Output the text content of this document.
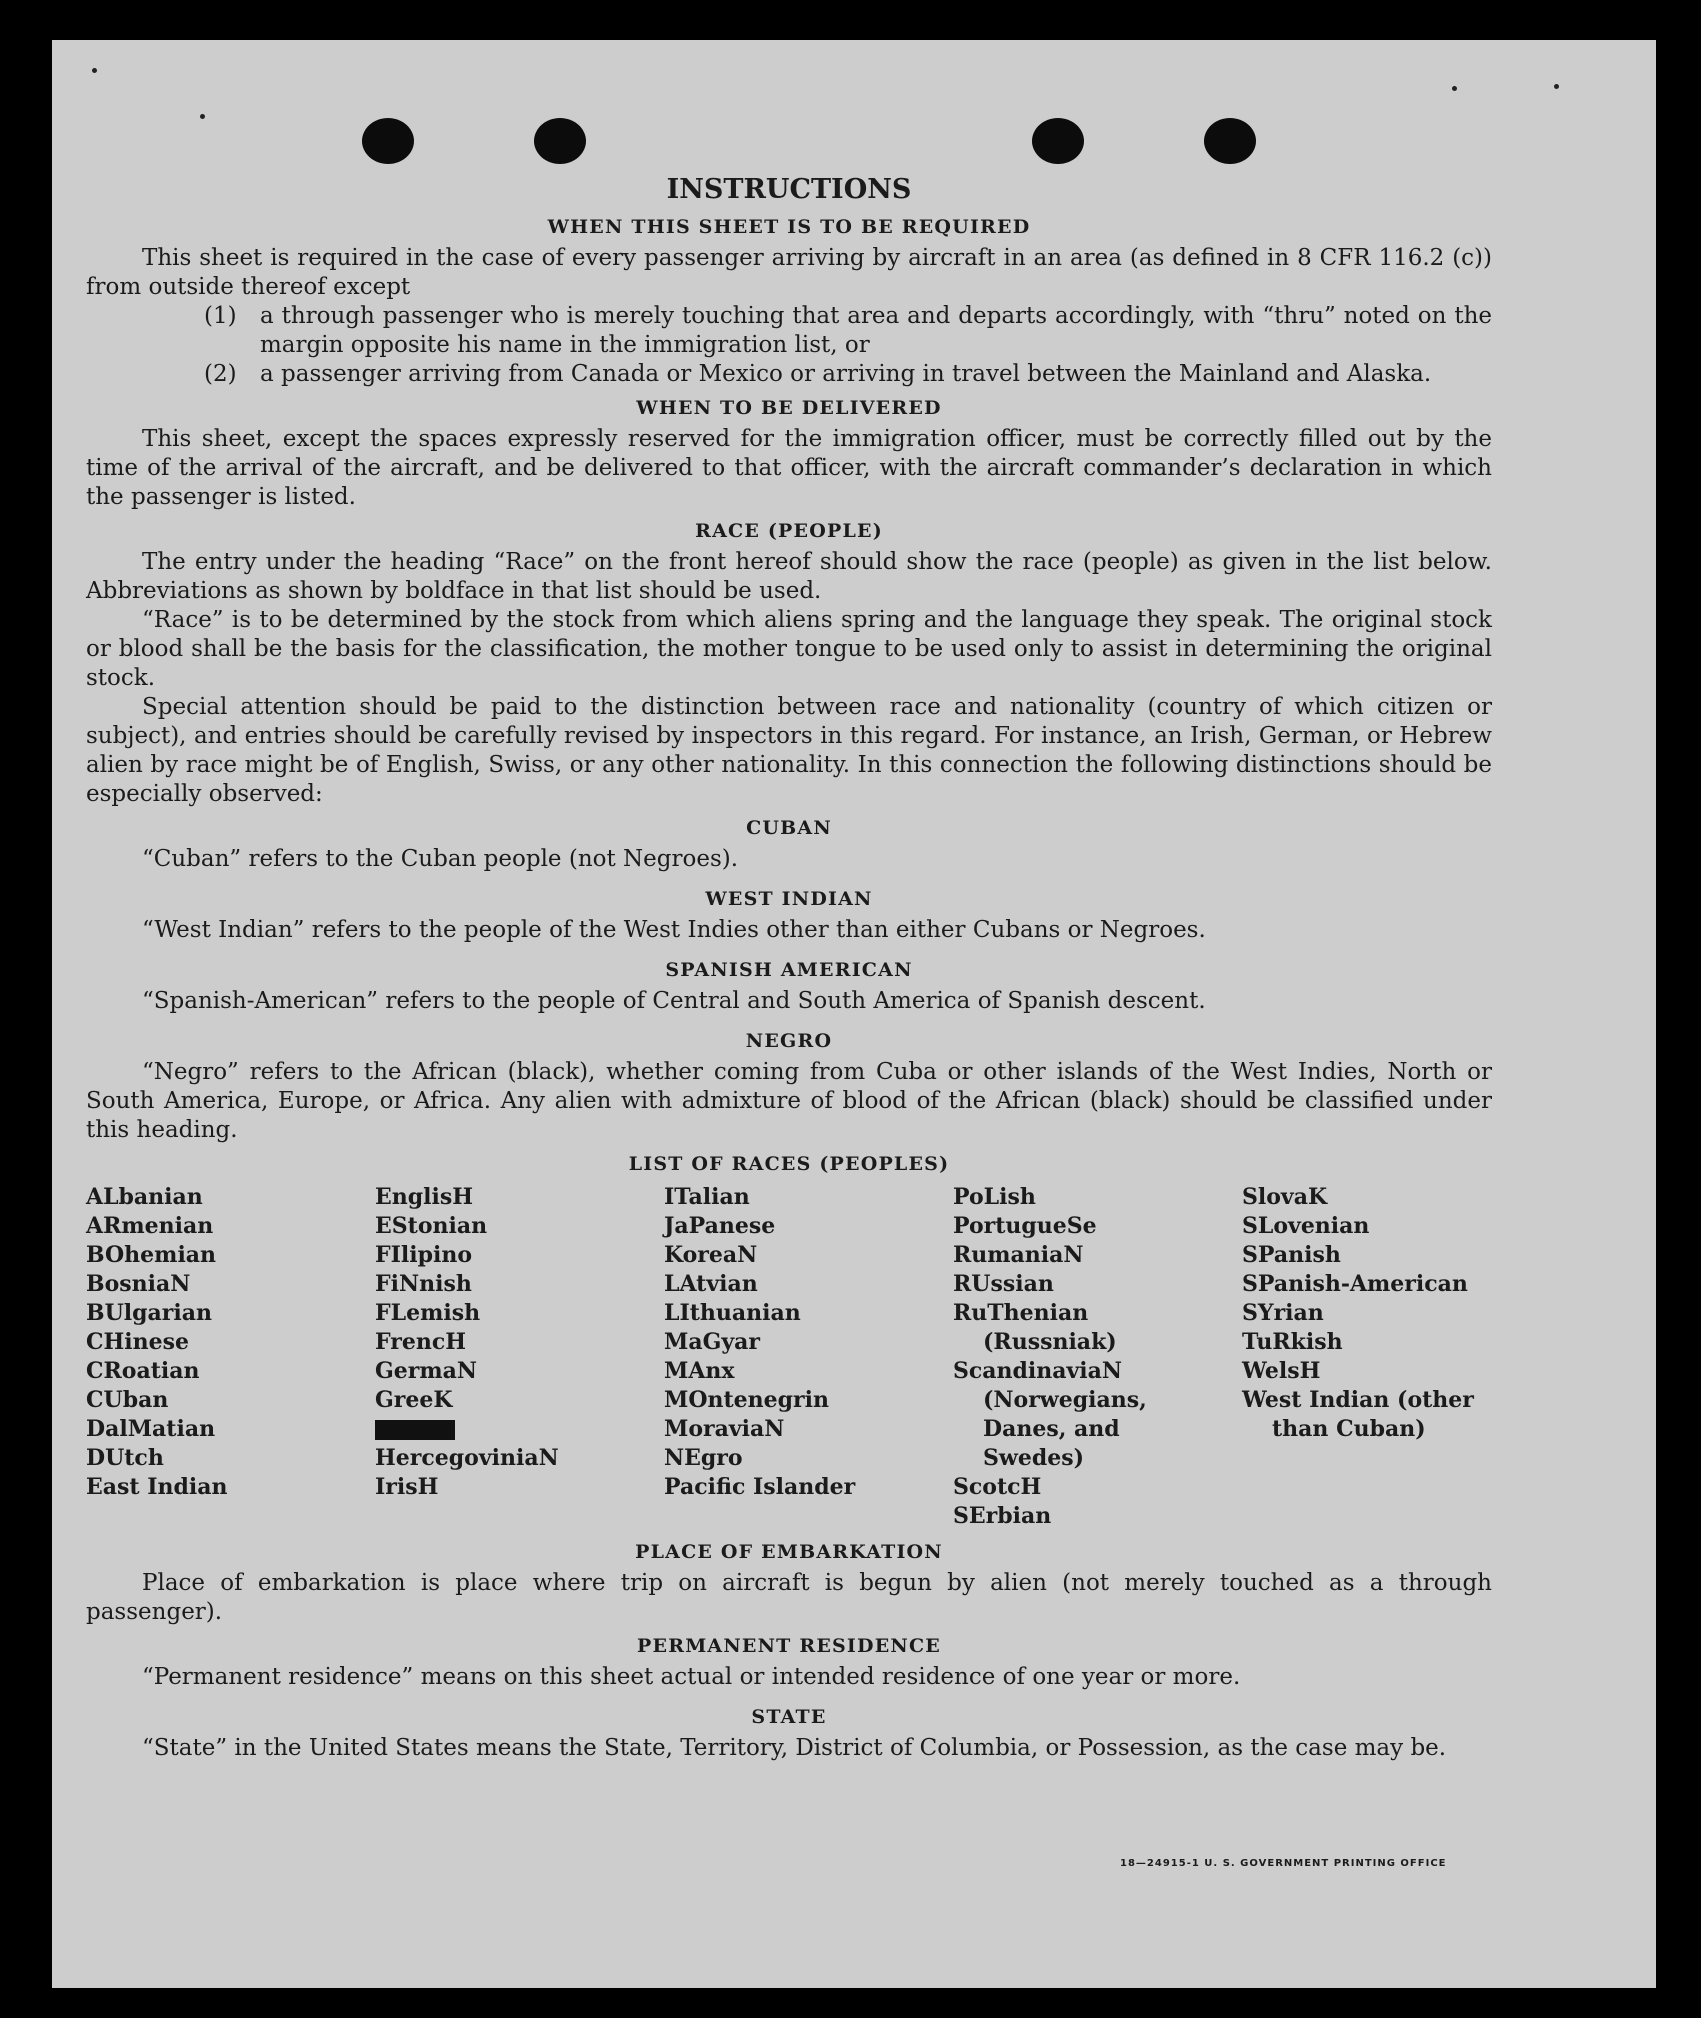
INSTRUCTIONS
WHEN THIS SHEET IS TO BE REQUIRED

This sheet is required in the case of every passenger arriving by aircraft in an area (as defined in 8 CFR 116.2 (c)) from outside thereof except

(1)	a through passenger who is merely touching that area and departs accordingly, with “thru” noted on the margin opposite his name in the immigration list, or
(2)	a passenger arriving from Canada or Mexico or arriving in travel between the Mainland and Alaska.
WHEN TO BE DELIVERED

This sheet, except the spaces expressly reserved for the immigration officer, must be correctly filled out by the time of the arrival of the aircraft, and be delivered to that officer, with the aircraft commander’s declaration in which the passenger is listed.

RACE (PEOPLE)

The entry under the heading “Race” on the front hereof should show the race (people) as given in the list below. Abbreviations as shown by boldface in that list should be used.

“Race” is to be determined by the stock from which aliens spring and the language they speak. The original stock or blood shall be the basis for the classification, the mother tongue to be used only to assist in determining the original stock.

Special attention should be paid to the distinction between race and nationality (country of which citizen or subject), and entries should be carefully revised by inspectors in this regard. For instance, an Irish, German, or Hebrew alien by race might be of English, Swiss, or any other nationality. In this connection the following distinctions should be especially observed:

CUBAN

“Cuban” refers to the Cuban people (not Negroes).

WEST INDIAN

“West Indian” refers to the people of the West Indies other than either Cubans or Negroes.

SPANISH AMERICAN

“Spanish-American” refers to the people of Central and South America of Spanish descent.

NEGRO

“Negro” refers to the African (black), whether coming from Cuba or other islands of the West Indies, North or South America, Europe, or Africa. Any alien with admixture of blood of the African (black) should be classified under this heading.

LIST OF RACES (PEOPLES)
ALbanian
ARmenian
BOhemian
BosniaN
BUlgarian
CHinese
CRoatian
CUban
DalMatian
DUtch
East Indian
EnglisH
EStonian
FIlipino
FiNnish
FLemish
FrencH
GermaN
GreeK
HercegoviniaN
IrisH
ITalian
JaPanese
KoreaN
LAtvian
LIthuanian
MaGyar
MAnx
MOntenegrin
MoraviaN
NEgro
Pacific Islander
PoLish
PortugueSe
RumaniaN
RUssian
RuThenian (Russniak)
ScandinaviaN (Norwegians, Danes, and Swedes)
ScotcH
SErbian
SlovaK
SLovenian
SPanish
SPanish-American
SYrian
TuRkish
WelsH
West Indian (other than Cuban)
PLACE OF EMBARKATION

Place of embarkation is place where trip on aircraft is begun by alien (not merely touched as a through passenger).

PERMANENT RESIDENCE

“Permanent residence” means on this sheet actual or intended residence of one year or more.

STATE

“State” in the United States means the State, Territory, District of Columbia, or Possession, as the case may be.

18—24915-1 U. S. GOVERNMENT PRINTING OFFICE
